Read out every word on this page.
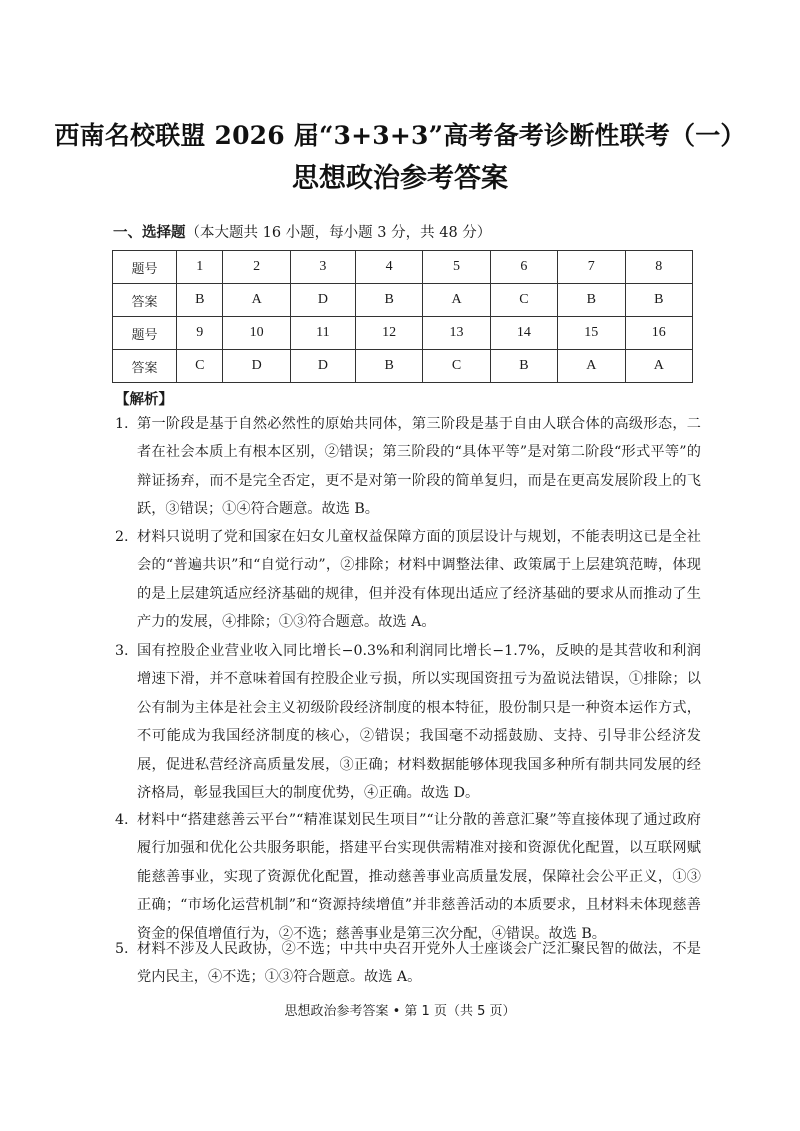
西南名校联盟 2026 届“3+3+3”高考备考诊断性联考（一）
思想政治参考答案
一、选择题（本大题共 16 小题，每小题 3 分，共 48 分）
题号	1	2	3	4	5	6	7	8
答案	B	A	D	B	A	C	B	B
题号	9	10	11	12	13	14	15	16
答案	C	D	D	B	C	B	A	A
【解析】
1. 第一阶段是基于自然必然性的原始共同体，第三阶段是基于自由人联合体的高级形态，二者在社会本质上有根本区别，②错误；第三阶段的“具体平等”是对第二阶段“形式平等”的辩证扬弃，而不是完全否定，更不是对第一阶段的简单复归，而是在更高发展阶段上的飞跃，③错误；①④符合题意。故选 B。
2. 材料只说明了党和国家在妇女儿童权益保障方面的顶层设计与规划，不能表明这已是全社会的“普遍共识”和“自觉行动”，②排除；材料中调整法律、政策属于上层建筑范畴，体现的是上层建筑适应经济基础的规律，但并没有体现出适应了经济基础的要求从而推动了生产力的发展，④排除；①③符合题意。故选 A。
3. 国有控股企业营业收入同比增长−0.3%和利润同比增长−1.7%，反映的是其营收和利润增速下滑，并不意味着国有控股企业亏损，所以实现国资扭亏为盈说法错误，①排除；以公有制为主体是社会主义初级阶段经济制度的根本特征，股份制只是一种资本运作方式，不可能成为我国经济制度的核心，②错误；我国毫不动摇鼓励、支持、引导非公经济发展，促进私营经济高质量发展，③正确；材料数据能够体现我国多种所有制共同发展的经济格局，彰显我国巨大的制度优势，④正确。故选 D。
4. 材料中“搭建慈善云平台”“精准谋划民生项目”“让分散的善意汇聚”等直接体现了通过政府履行加强和优化公共服务职能，搭建平台实现供需精准对接和资源优化配置，以互联网赋能慈善事业，实现了资源优化配置，推动慈善事业高质量发展，保障社会公平正义，①③正确；“市场化运营机制”和“资源持续增值”并非慈善活动的本质要求，且材料未体现慈善资金的保值增值行为，②不选；慈善事业是第三次分配，④错误。故选 B。
5. 材料不涉及人民政协，②不选；中共中央召开党外人士座谈会广泛汇聚民智的做法，不是党内民主，④不选；①③符合题意。故选 A。
思想政治参考答案 • 第 1 页（共 5 页）
